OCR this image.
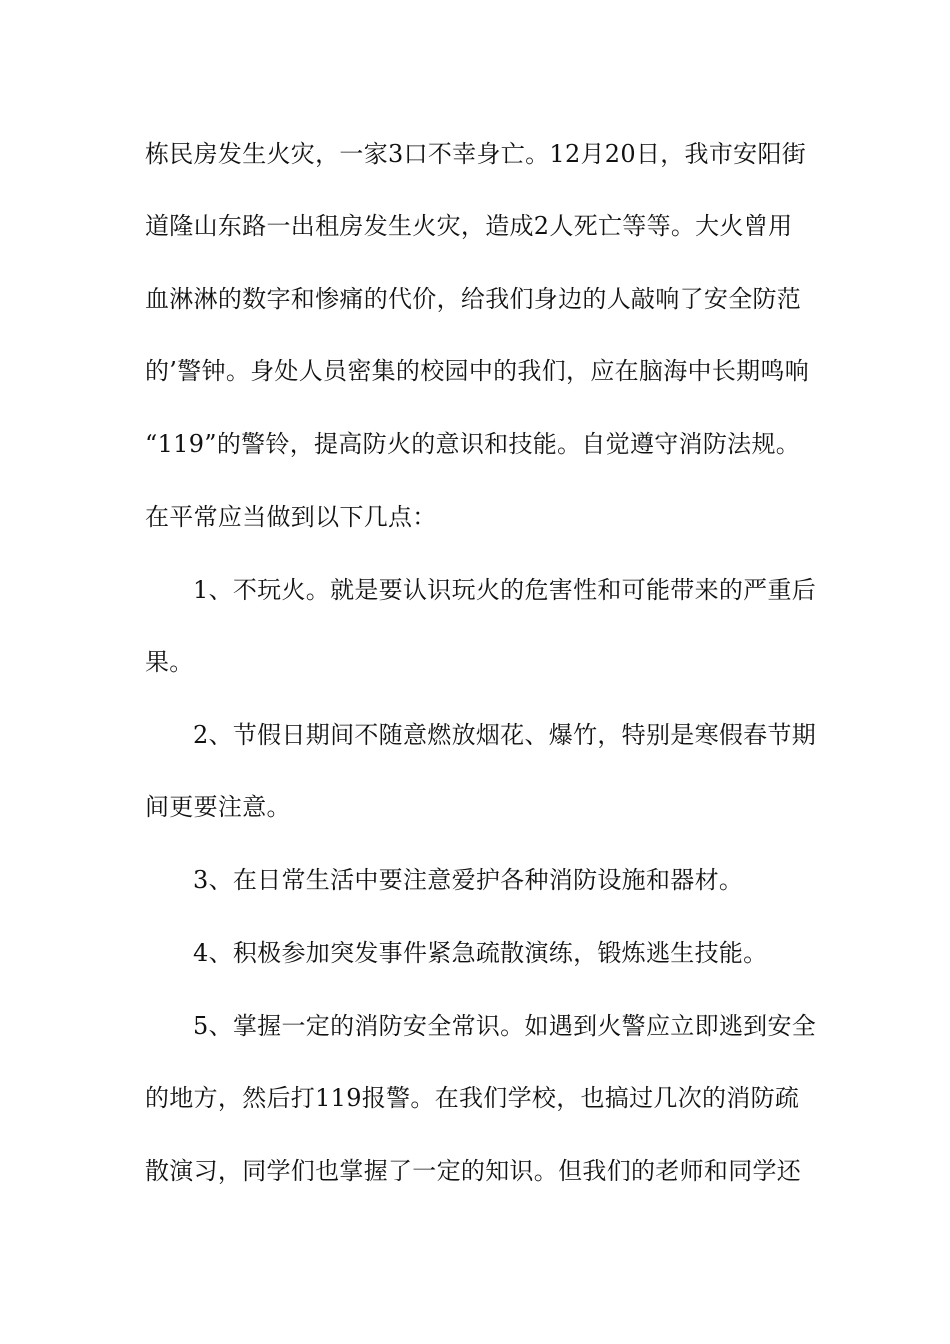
栋民房发生火灾，一家3口不幸身亡。12月20日，我市安阳街

道隆山东路一出租房发生火灾，造成2人死亡等等。大火曾用

血淋淋的数字和惨痛的代价，给我们身边的人敲响了安全防范

的’警钟。身处人员密集的校园中的我们，应在脑海中长期鸣响

“119”的警铃，提高防火的意识和技能。自觉遵守消防法规。

在平常应当做到以下几点：

1、不玩火。就是要认识玩火的危害性和可能带来的严重后

果。

2、节假日期间不随意燃放烟花、爆竹，特别是寒假春节期

间更要注意。

3、在日常生活中要注意爱护各种消防设施和器材。

4、积极参加突发事件紧急疏散演练，锻炼逃生技能。

5、掌握一定的消防安全常识。如遇到火警应立即逃到安全

的地方，然后打119报警。在我们学校，也搞过几次的消防疏

散演习，同学们也掌握了一定的知识。但我们的老师和同学还
